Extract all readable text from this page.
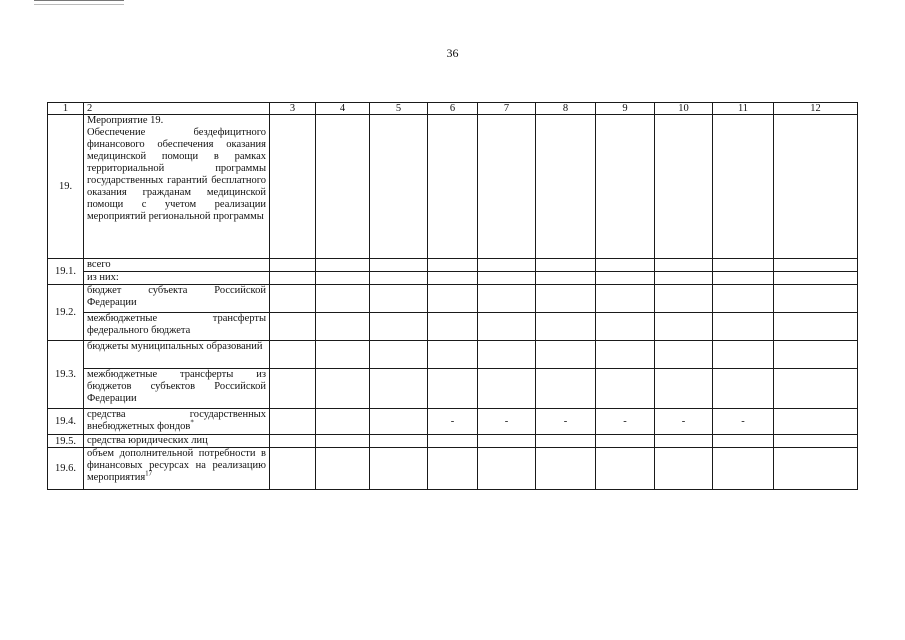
36
1	2	3	4	5	6	7	8	9	10	11	12
19.	Мероприятие 19.
Обеспечение бездефицитного финансового обеспечения оказания медицинской помощи в рамках территориальной программы государственных гарантий бесплатного оказания гражданам медицинской помощи с учетом реализации мероприятий региональной программы										
19.1.	всего										
	из них:										
19.2.	бюджет субъекта Российской Федерации										
	межбюджетные трансферты федерального бюджета										
19.3.	бюджеты муниципальных образований										
	межбюджетные трансферты из бюджетов субъектов Российской Федерации										
19.4.	средства государственных внебюджетных фондов*				-	-	-	-	-	-	
19.5.	средства юридических лиц										
19.6.	объем дополнительной потребности в финансовых ресурсах на реализацию мероприятия$^{17}$										
